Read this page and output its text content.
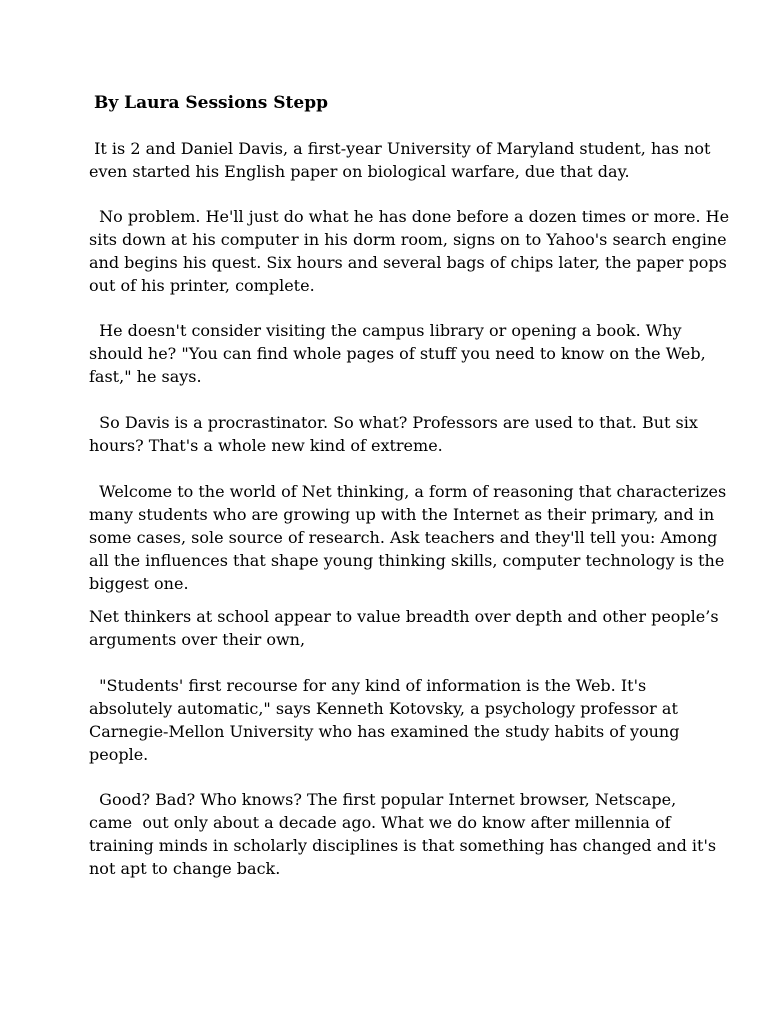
By Laura Sessions Stepp
It is 2 and Daniel Davis, a first-year University of Maryland student, has not
even started his English paper on biological warfare, due that day.
No problem. He'll just do what he has done before a dozen times or more. He
sits down at his computer in his dorm room, signs on to Yahoo's search engine
and begins his quest. Six hours and several bags of chips later, the paper pops
out of his printer, complete.
He doesn't consider visiting the campus library or opening a book. Why
should he? "You can find whole pages of stuff you need to know on the Web,
fast," he says.
So Davis is a procrastinator. So what? Professors are used to that. But six
hours? That's a whole new kind of extreme.
Welcome to the world of Net thinking, a form of reasoning that characterizes
many students who are growing up with the Internet as their primary, and in
some cases, sole source of research. Ask teachers and they'll tell you: Among
all the influences that shape young thinking skills, computer technology is the
biggest one.
Net thinkers at school appear to value breadth over depth and other people’s
arguments over their own,
"Students' first recourse for any kind of information is the Web. It's
absolutely automatic," says Kenneth Kotovsky, a psychology professor at
Carnegie-Mellon University who has examined the study habits of young
people.
Good? Bad? Who knows? The first popular Internet browser, Netscape,
came  out only about a decade ago. What we do know after millennia of
training minds in scholarly disciplines is that something has changed and it's
not apt to change back.
